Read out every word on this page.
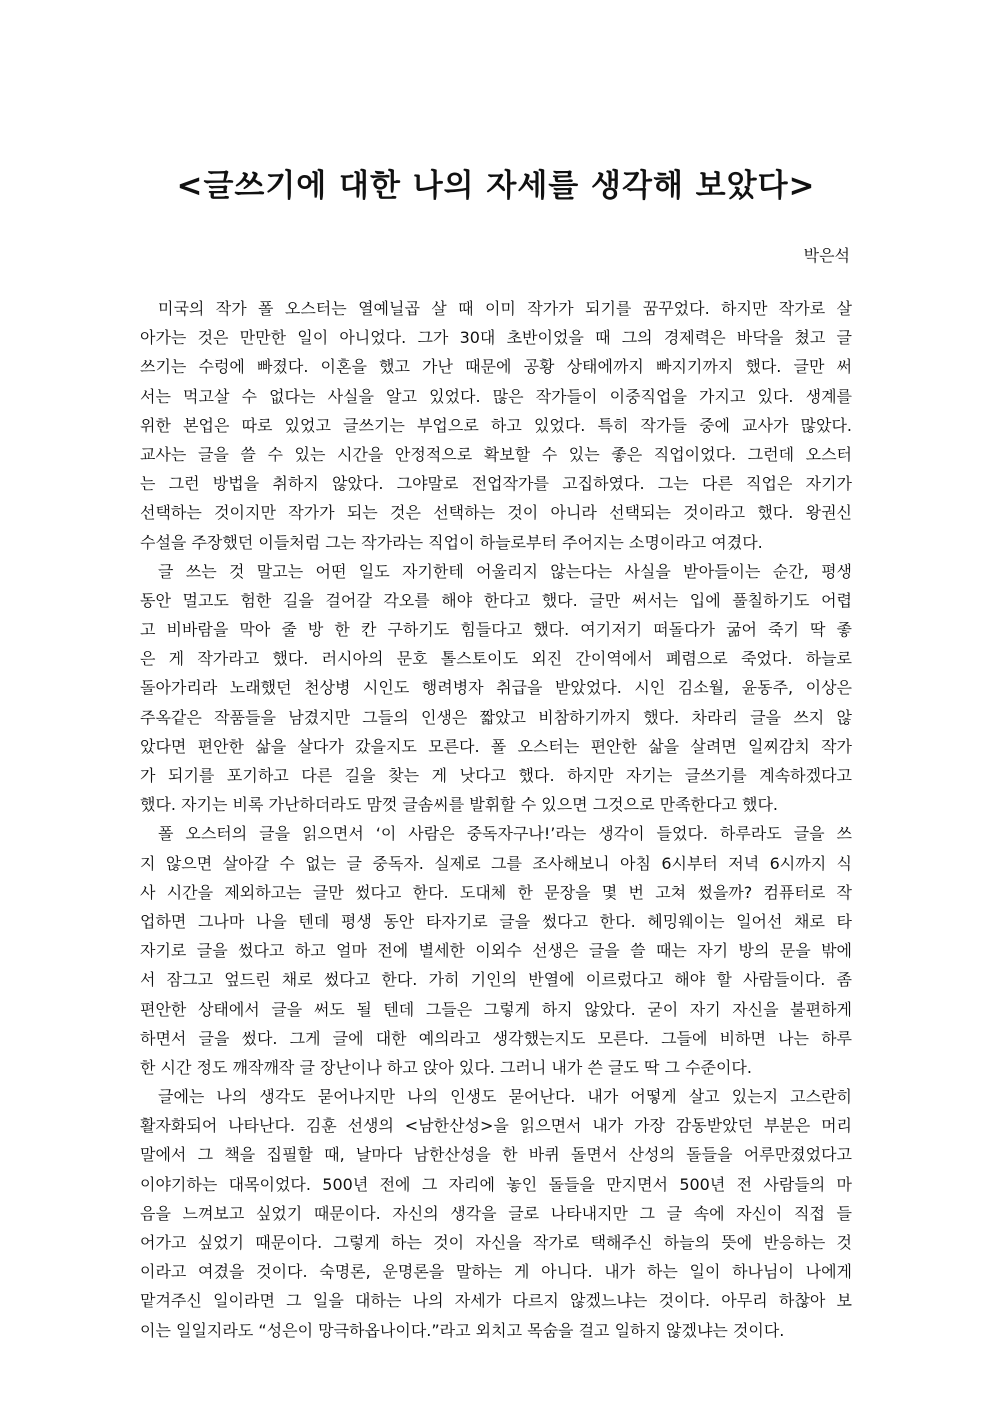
<글쓰기에 대한 나의 자세를 생각해 보았다>
박은석
미국의 작가 폴 오스터는 열예닐곱 살 때 이미 작가가 되기를 꿈꾸었다. 하지만 작가로 살
아가는 것은 만만한 일이 아니었다. 그가 30대 초반이었을 때 그의 경제력은 바닥을 쳤고 글
쓰기는 수렁에 빠졌다. 이혼을 했고 가난 때문에 공황 상태에까지 빠지기까지 했다. 글만 써
서는 먹고살 수 없다는 사실을 알고 있었다. 많은 작가들이 이중직업을 가지고 있다. 생계를
위한 본업은 따로 있었고 글쓰기는 부업으로 하고 있었다. 특히 작가들 중에 교사가 많았다.
교사는 글을 쓸 수 있는 시간을 안정적으로 확보할 수 있는 좋은 직업이었다. 그런데 오스터
는 그런 방법을 취하지 않았다. 그야말로 전업작가를 고집하였다. 그는 다른 직업은 자기가
선택하는 것이지만 작가가 되는 것은 선택하는 것이 아니라 선택되는 것이라고 했다. 왕권신
수설을 주장했던 이들처럼 그는 작가라는 직업이 하늘로부터 주어지는 소명이라고 여겼다.
글 쓰는 것 말고는 어떤 일도 자기한테 어울리지 않는다는 사실을 받아들이는 순간, 평생
동안 멀고도 험한 길을 걸어갈 각오를 해야 한다고 했다. 글만 써서는 입에 풀칠하기도 어렵
고 비바람을 막아 줄 방 한 칸 구하기도 힘들다고 했다. 여기저기 떠돌다가 굶어 죽기 딱 좋
은 게 작가라고 했다. 러시아의 문호 톨스토이도 외진 간이역에서 폐렴으로 죽었다. 하늘로
돌아가리라 노래했던 천상병 시인도 행려병자 취급을 받았었다. 시인 김소월, 윤동주, 이상은
주옥같은 작품들을 남겼지만 그들의 인생은 짧았고 비참하기까지 했다. 차라리 글을 쓰지 않
았다면 편안한 삶을 살다가 갔을지도 모른다. 폴 오스터는 편안한 삶을 살려면 일찌감치 작가
가 되기를 포기하고 다른 길을 찾는 게 낫다고 했다. 하지만 자기는 글쓰기를 계속하겠다고
했다. 자기는 비록 가난하더라도 맘껏 글솜씨를 발휘할 수 있으면 그것으로 만족한다고 했다.
폴 오스터의 글을 읽으면서 ‘이 사람은 중독자구나!’라는 생각이 들었다. 하루라도 글을 쓰
지 않으면 살아갈 수 없는 글 중독자. 실제로 그를 조사해보니 아침 6시부터 저녁 6시까지 식
사 시간을 제외하고는 글만 썼다고 한다. 도대체 한 문장을 몇 번 고쳐 썼을까? 컴퓨터로 작
업하면 그나마 나을 텐데 평생 동안 타자기로 글을 썼다고 한다. 헤밍웨이는 일어선 채로 타
자기로 글을 썼다고 하고 얼마 전에 별세한 이외수 선생은 글을 쓸 때는 자기 방의 문을 밖에
서 잠그고 엎드린 채로 썼다고 한다. 가히 기인의 반열에 이르렀다고 해야 할 사람들이다. 좀
편안한 상태에서 글을 써도 될 텐데 그들은 그렇게 하지 않았다. 굳이 자기 자신을 불편하게
하면서 글을 썼다. 그게 글에 대한 예의라고 생각했는지도 모른다. 그들에 비하면 나는 하루
한 시간 정도 깨작깨작 글 장난이나 하고 앉아 있다. 그러니 내가 쓴 글도 딱 그 수준이다.
글에는 나의 생각도 묻어나지만 나의 인생도 묻어난다. 내가 어떻게 살고 있는지 고스란히
활자화되어 나타난다. 김훈 선생의 <남한산성>을 읽으면서 내가 가장 감동받았던 부분은 머리
말에서 그 책을 집필할 때, 날마다 남한산성을 한 바퀴 돌면서 산성의 돌들을 어루만졌었다고
이야기하는 대목이었다. 500년 전에 그 자리에 놓인 돌들을 만지면서 500년 전 사람들의 마
음을 느껴보고 싶었기 때문이다. 자신의 생각을 글로 나타내지만 그 글 속에 자신이 직접 들
어가고 싶었기 때문이다. 그렇게 하는 것이 자신을 작가로 택해주신 하늘의 뜻에 반응하는 것
이라고 여겼을 것이다. 숙명론, 운명론을 말하는 게 아니다. 내가 하는 일이 하나님이 나에게
맡겨주신 일이라면 그 일을 대하는 나의 자세가 다르지 않겠느냐는 것이다. 아무리 하찮아 보
이는 일일지라도 “성은이 망극하옵나이다.”라고 외치고 목숨을 걸고 일하지 않겠냐는 것이다.
